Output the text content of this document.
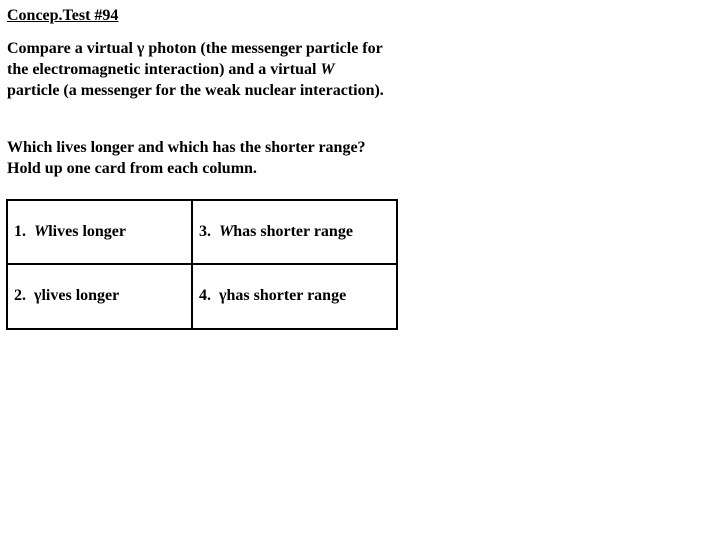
Concep.Test #94
Compare a virtual γ photon (the messenger particle for the electromagnetic interaction) and a virtual W particle (a messenger for the weak nuclear interaction).
Which lives longer and which has the shorter range? Hold up one card from each column.
1. W lives longer	3. W has shorter range
2. γ lives longer	4. γ has shorter range
